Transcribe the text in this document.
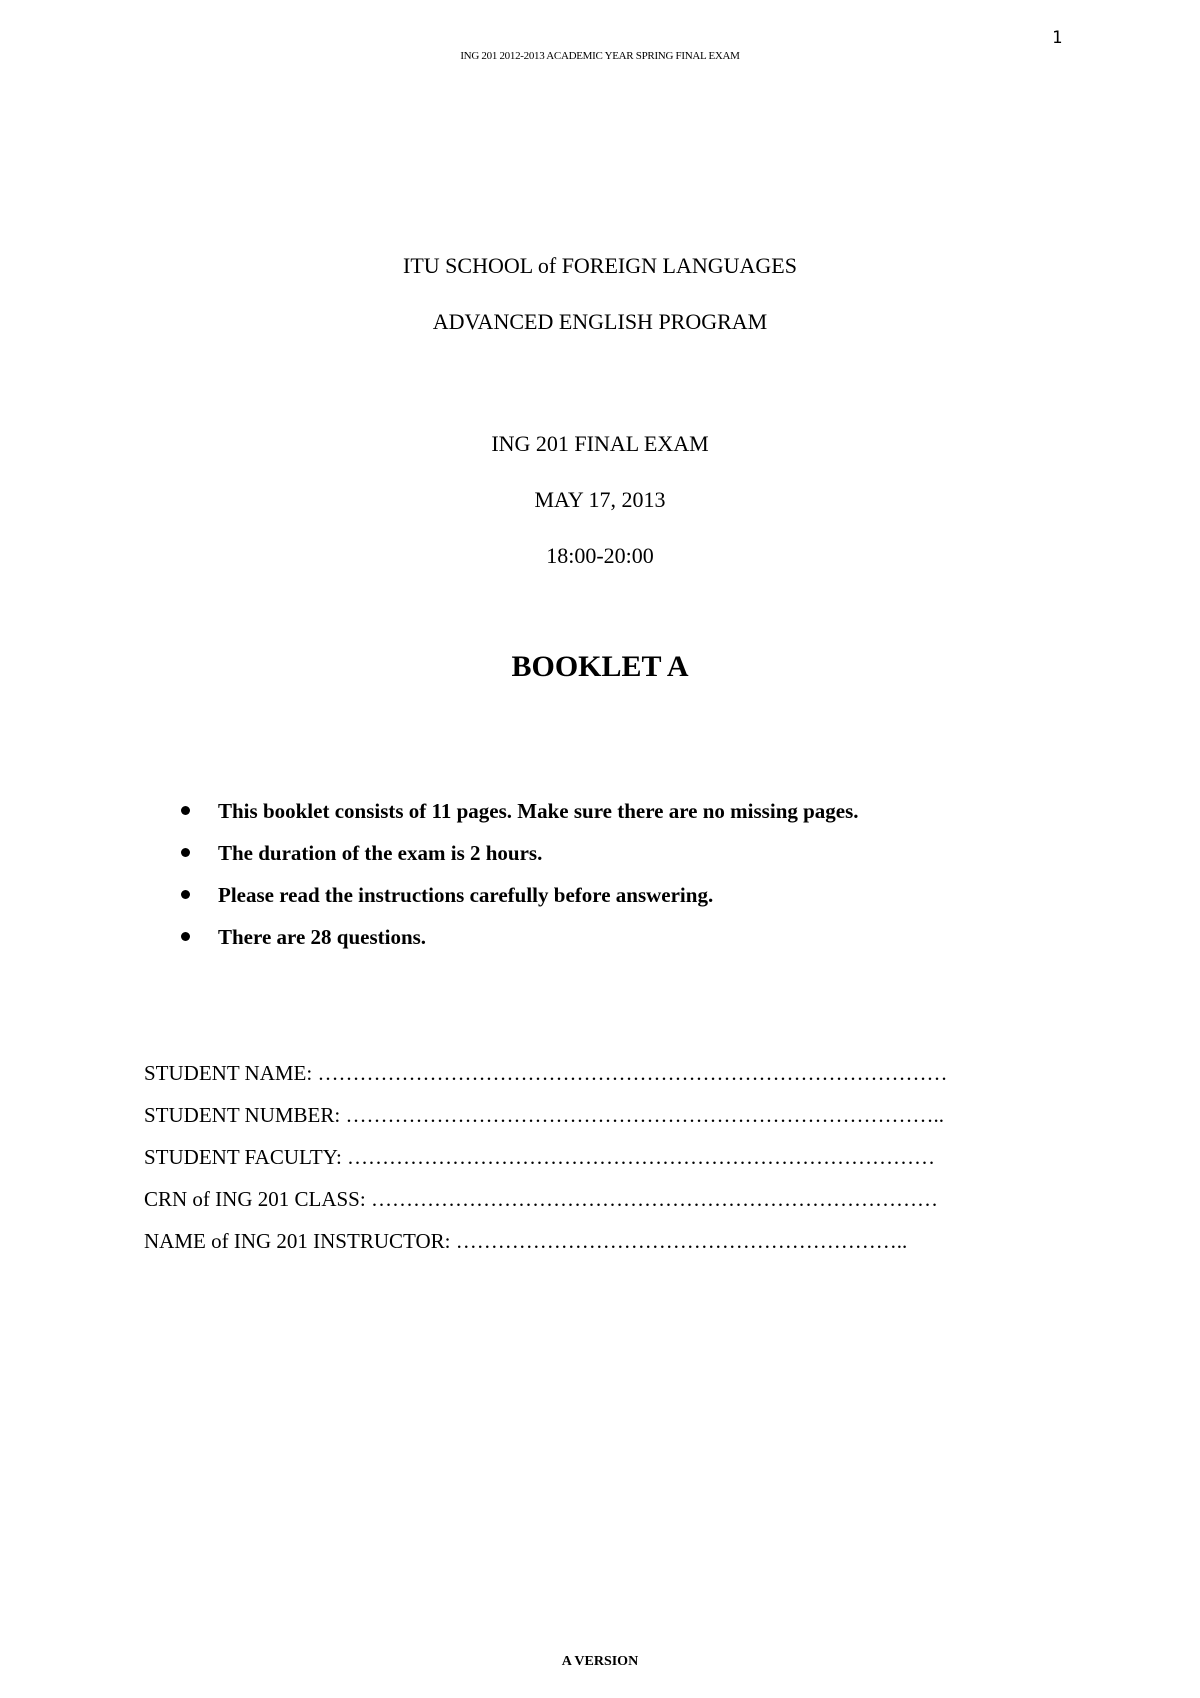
1
ING 201 2012-2013 ACADEMIC YEAR SPRING FINAL EXAM
ITU SCHOOL of FOREIGN LANGUAGES
ADVANCED ENGLISH PROGRAM
ING 201 FINAL EXAM
MAY 17, 2013
18:00-20:00
BOOKLET A
This booklet consists of 11 pages. Make sure there are no missing pages.
The duration of the exam is 2 hours.
Please read the instructions carefully before answering.
There are 28 questions.
STUDENT NAME: ………………………………………………………………………………
STUDENT NUMBER: …………………………………………………………………………..
STUDENT FACULTY: …………………………………………………………………………
CRN of ING 201 CLASS: ………………………………………………………………………
NAME of ING 201 INSTRUCTOR: ………………………………………………………..
A VERSION
